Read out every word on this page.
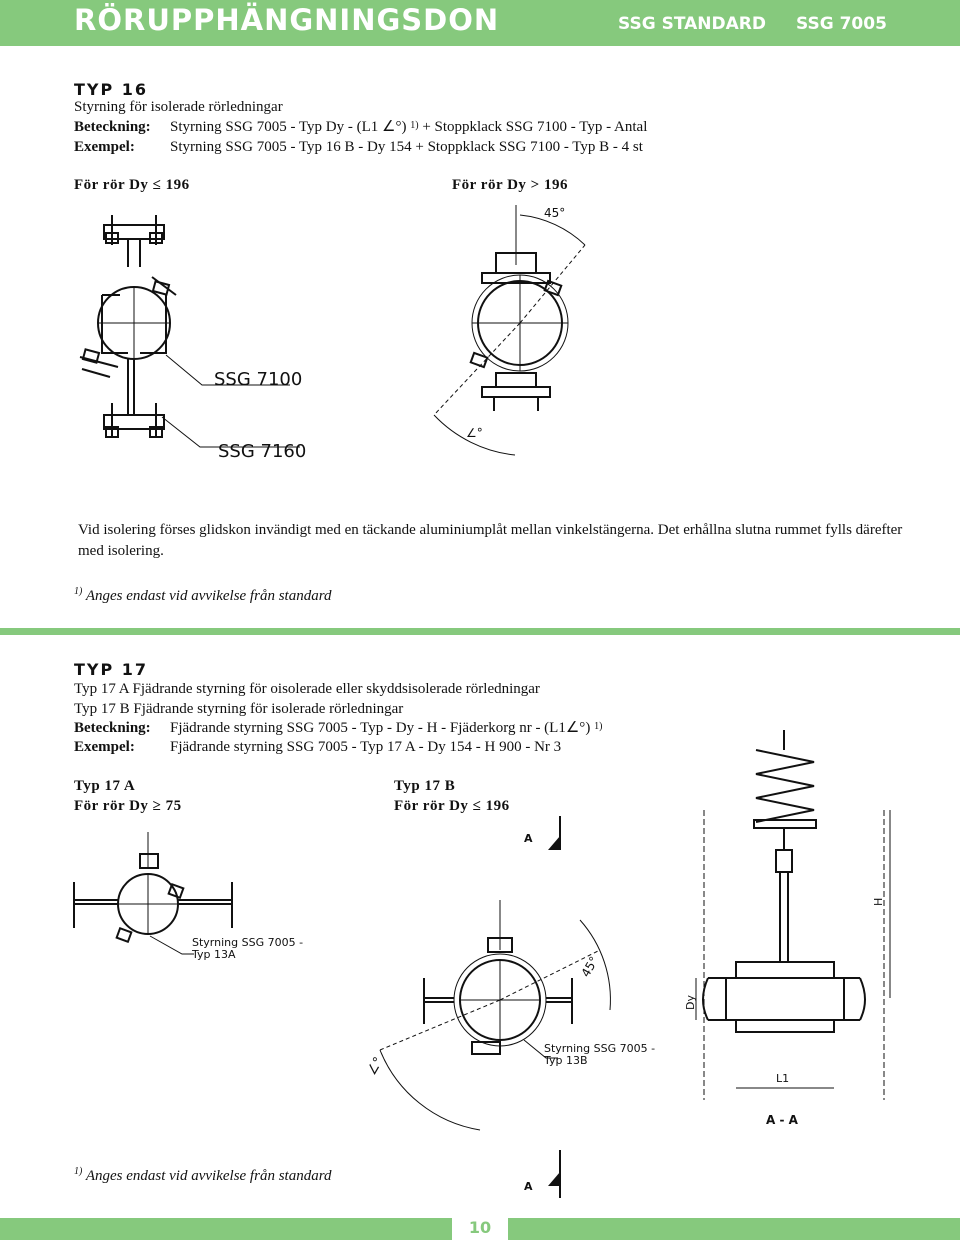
RÖRUPPHÄNGNINGSDON	SSG STANDARD SSG 7005
TYP 16
Styrning för isolerade rörledningar
Beteckning: Styrning SSG 7005 - Typ Dy - (L1 ∠°) $^{1)}$ + Stoppklack SSG 7100 - Typ - Antal
Exempel: Styrning SSG 7005 - Typ 16 B - Dy 154 + Stoppklack SSG 7100 - Typ B - 4 st
För rör Dy ≤ 196	För rör Dy > 196
SSG 7100
SSG 7160
45°
∠°
Vid isolering förses glidskon invändigt med en täckande aluminiumplåt mellan vinkelstängerna. Det erhållna slutna rummet fylls därefter med isolering.
$^{1)}$ Anges endast vid avvikelse från standard
TYP 17
Typ 17 A Fjädrande styrning för oisolerade eller skyddsisolerade rörledningar
Typ 17 B Fjädrande styrning för isolerade rörledningar
Beteckning: Fjädrande styrning SSG 7005 - Typ - Dy - H - Fjäderkorg nr - (L1∠°) $^{1)}$
Exempel: Fjädrande styrning SSG 7005 - Typ 17 A - Dy 154 - H 900 - Nr 3
Typ 17 A
För rör Dy ≥ 75
Typ 17 B
För rör Dy ≤ 196
Styrning SSG 7005 -
Typ 13A
Styrning SSG 7005 -
Typ 13B
45°
∠°
A
A
H
Dy
L1
A - A
$^{1)}$ Anges endast vid avvikelse från standard
10
